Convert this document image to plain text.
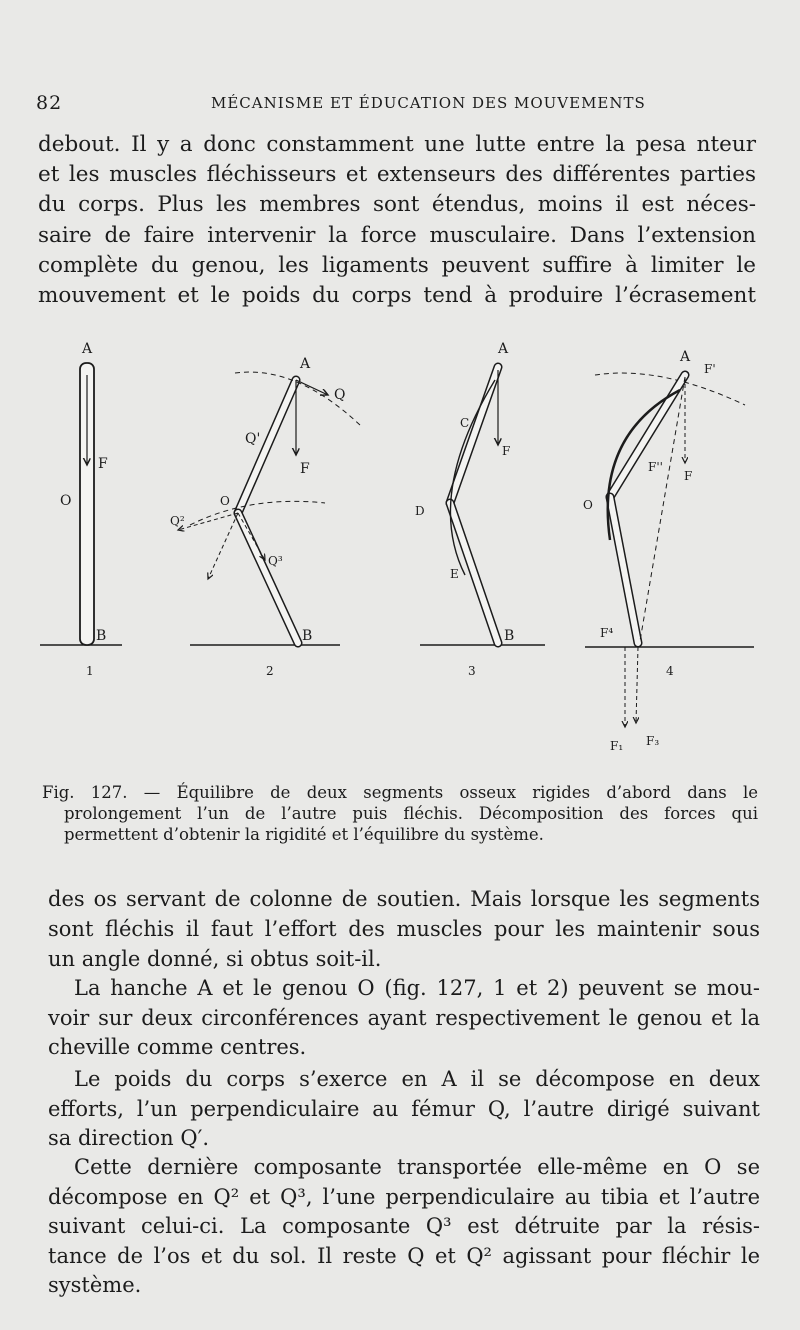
82	MÉCANISME ET ÉDUCATION DES MOUVEMENTS
debout. Il y a donc constamment une lutte entre la pesa nteur
et les muscles fléchisseurs et extenseurs des différentes parties
du corps. Plus les membres sont étendus, moins il est néces-
saire de faire intervenir la force musculaire. Dans l’extension
complète du genou, les ligaments peuvent suffire à limiter le
mouvement et le poids du corps tend à produire l’écrasement
A
O
F
B
1
A
Q
Q'
F
O
Q²
Q³
B
2
A
C
F
D
E
B
3
A
F'
F''
F
O
F⁴
F₁ F₃
4
Fig. 127. — Équilibre de deux segments osseux rigides d’abord dans le
prolongement l’un de l’autre puis fléchis. Décomposition des forces qui
permettent d’obtenir la rigidité et l’équilibre du système.
des os servant de colonne de soutien. Mais lorsque les segments
sont fléchis il faut l’effort des muscles pour les maintenir sous
un angle donné, si obtus soit-il.
La hanche A et le genou O (fig. 127, 1 et 2) peuvent se mou-
voir sur deux circonférences ayant respectivement le genou et la
cheville comme centres.
Le poids du corps s’exerce en A il se décompose en deux
efforts, l’un perpendiculaire au fémur Q, l’autre dirigé suivant
sa direction Q′.
Cette dernière composante transportée elle-même en O se
décompose en Q² et Q³, l’une perpendiculaire au tibia et l’autre
suivant celui-ci. La composante Q³ est détruite par la résis-
tance de l’os et du sol. Il reste Q et Q² agissant pour fléchir le
système.
